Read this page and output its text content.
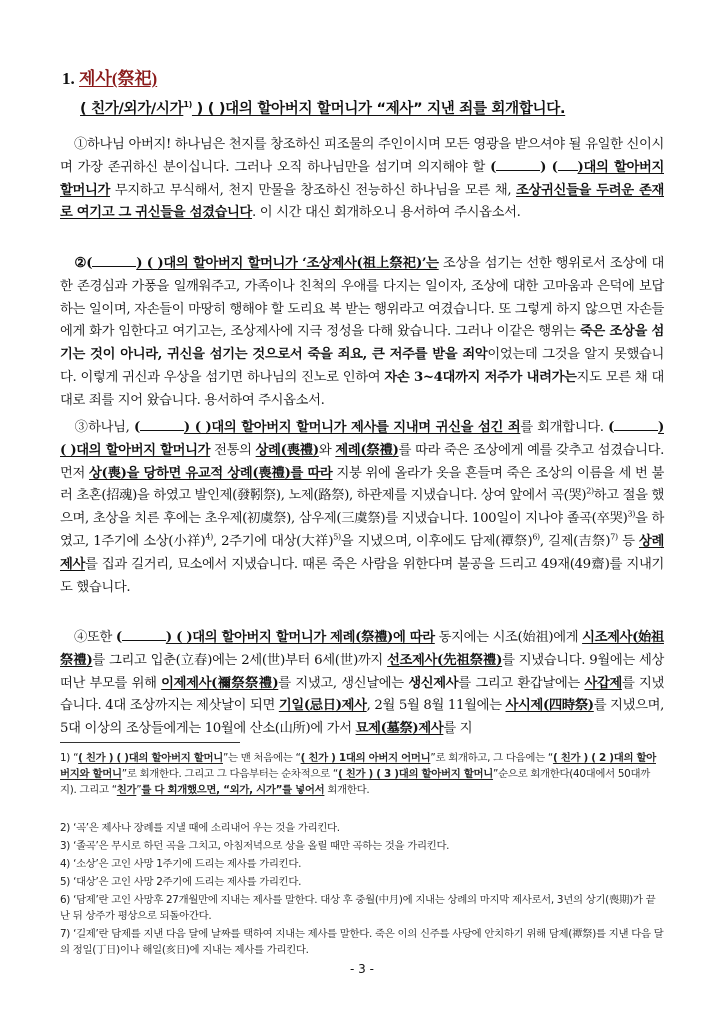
1. 제사(祭祀)
( 친가/외가/시가$^{1)}$ ) ( )대의 할아버지 할머니가 “제사” 지낸 죄를 회개합니다.
①하나님 아버지! 하나님은 천지를 창조하신 피조물의 주인이시며 모든 영광을 받으셔야 될 유일한 신이시며 가장 존귀하신 분이십니다. 그러나 오직 하나님만을 섬기며 의지해야 할 (	) ( )대의 할아버지 할머니가 무지하고 무식해서, 천지 만물을 창조하신 전능하신 하나님을 모른 채, 조상귀신들을 두려운 존재로 여기고 그 귀신들을 섬겼습니다. 이 시간 대신 회개하오니 용서하여 주시옵소서.
②(	) ( )대의 할아버지 할머니가 ‘조상제사(祖上祭祀)’는 조상을 섬기는 선한 행위로서 조상에 대한 존경심과 가풍을 일깨워주고, 가족이나 친척의 우애를 다지는 일이자, 조상에 대한 고마움과 은덕에 보답하는 일이며, 자손들이 마땅히 행해야 할 도리요 복 받는 행위라고 여겼습니다. 또 그렇게 하지 않으면 자손들에게 화가 임한다고 여기고는, 조상제사에 지극 정성을 다해 왔습니다. 그러나 이같은 행위는 죽은 조상을 섬기는 것이 아니라, 귀신을 섬기는 것으로서 죽을 죄요, 큰 저주를 받을 죄악이었는데 그것을 알지 못했습니다. 이렇게 귀신과 우상을 섬기면 하나님의 진노로 인하여 자손 3~4대까지 저주가 내려가는지도 모른 채 대대로 죄를 지어 왔습니다. 용서하여 주시옵소서.
③하나님, (	) ( )대의 할아버지 할머니가 제사를 지내며 귀신을 섬긴 죄를 회개합니다. (	) ( )대의 할아버지 할머니가 전통의 상례(喪禮)와 제례(祭禮)를 따라 죽은 조상에게 예를 갖추고 섬겼습니다. 먼저 상(喪)을 당하면 유교적 상례(喪禮)를 따라 지붕 위에 올라가 옷을 흔들며 죽은 조상의 이름을 세 번 불러 초혼(招魂)을 하였고 발인제(發靷祭), 노제(路祭), 하관제를 지냈습니다. 상여 앞에서 곡(哭)$^{2)}$하고 절을 했으며, 초상을 치른 후에는 초우제(初虞祭), 삼우제(三虞祭)를 지냈습니다. 100일이 지나야 졸곡(卒哭)$^{3)}$을 하였고, 1주기에 소상(小祥)$^{4)}$, 2주기에 대상(大祥)$^{5)}$을 지냈으며, 이후에도 담제(禫祭)$^{6)}$, 길제(吉祭)$^{7)}$ 등 상례제사를 집과 길거리, 묘소에서 지냈습니다. 때론 죽은 사람을 위한다며 불공을 드리고 49재(49齋)를 지내기도 했습니다.
④또한 (	) ( )대의 할아버지 할머니가 제례(祭禮)에 따라 동지에는 시조(始祖)에게 시조제사(始祖祭禮)를 그리고 입춘(立春)에는 2세(世)부터 6세(世)까지 선조제사(先祖祭禮)를 지냈습니다. 9월에는 세상 떠난 부모를 위해 이제제사(禰祭祭禮)를 지냈고, 생신날에는 생신제사를 그리고 환갑날에는 사갑제를 지냈습니다. 4대 조상까지는 제삿날이 되면 기일(忌日)제사, 2월 5월 8월 11월에는 사시제(四時祭)를 지냈으며, 5대 이상의 조상들에게는 10월에 산소(山所)에 가서 묘제(墓祭)제사를 지
1) “( 친가 ) ( )대의 할아버지 할머니”는 맨 처음에는 “( 친가 ) 1대의 아버지 어머니”로 회개하고, 그 다음에는 “( 친가 ) ( 2 )대의 할아버지와 할머니”로 회개한다. 그리고 그 다음부터는 순차적으로 “( 친가 ) ( 3 )대의 할아버지 할머니”순으로 회개한다(40대에서 50대까지). 그리고 “친가”를 다 회개했으면, “외가, 시가”를 넣어서 회개한다.
2) ‘곡’은 제사나 장례를 지낼 때에 소리내어 우는 것을 가리킨다.
3) ‘졸곡’은 무시로 하던 곡을 그치고, 아침저녁으로 상을 올릴 때만 곡하는 것을 가리킨다.
4) ‘소상’은 고인 사망 1주기에 드리는 제사를 가리킨다.
5) ‘대상’은 고인 사망 2주기에 드리는 제사를 가리킨다.
6) ‘담제’란 고인 사망후 27개월만에 지내는 제사를 말한다. 대상 후 중월(中月)에 지내는 상례의 마지막 제사로서, 3년의 상기(喪期)가 끝난 뒤 상주가 평상으로 되돌아간다.
7) ‘길제’란 담제를 지낸 다음 달에 날짜를 택하여 지내는 제사를 말한다. 죽은 이의 신주를 사당에 안치하기 위해 담제(禫祭)를 지낸 다음 달의 정일(丁日)이나 해일(亥日)에 지내는 제사를 가리킨다.
- 3 -
